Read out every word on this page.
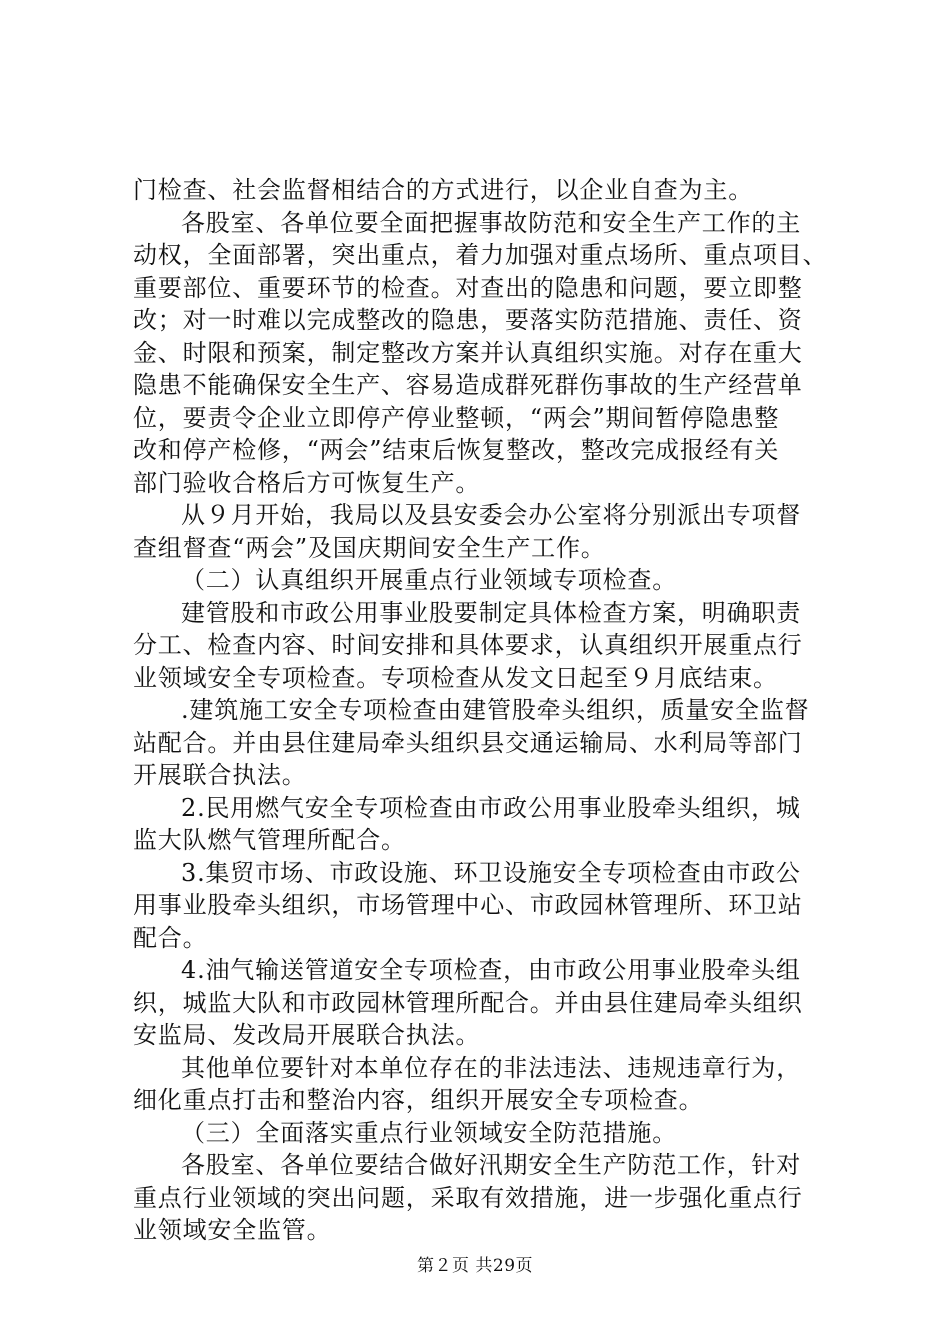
门检查、社会监督相结合的方式进行，以企业自查为主。
各股室、各单位要全面把握事故防范和安全生产工作的主
动权，全面部署，突出重点，着力加强对重点场所、重点项目、
重要部位、重要环节的检查。对查出的隐患和问题，要立即整
改；对一时难以完成整改的隐患，要落实防范措施、责任、资
金、时限和预案，制定整改方案并认真组织实施。对存在重大
隐患不能确保安全生产、容易造成群死群伤事故的生产经营单
位，要责令企业立即停产停业整顿，“两会”期间暂停隐患整
改和停产检修，“两会”结束后恢复整改，整改完成报经有关
部门验收合格后方可恢复生产。
从９月开始，我局以及县安委会办公室将分别派出专项督
查组督查“两会”及国庆期间安全生产工作。
（二）认真组织开展重点行业领域专项检查。
建管股和市政公用事业股要制定具体检查方案，明确职责
分工、检查内容、时间安排和具体要求，认真组织开展重点行
业领域安全专项检查。专项检查从发文日起至９月底结束。
.建筑施工安全专项检查由建管股牵头组织，质量安全监督
站配合。并由县住建局牵头组织县交通运输局、水利局等部门
开展联合执法。
2.民用燃气安全专项检查由市政公用事业股牵头组织，城
监大队燃气管理所配合。
3.集贸市场、市政设施、环卫设施安全专项检查由市政公
用事业股牵头组织，市场管理中心、市政园林管理所、环卫站
配合。
4.油气输送管道安全专项检查，由市政公用事业股牵头组
织，城监大队和市政园林管理所配合。并由县住建局牵头组织
安监局、发改局开展联合执法。
其他单位要针对本单位存在的非法违法、违规违章行为，
细化重点打击和整治内容，组织开展安全专项检查。
（三）全面落实重点行业领域安全防范措施。
各股室、各单位要结合做好汛期安全生产防范工作，针对
重点行业领域的突出问题，采取有效措施，进一步强化重点行
业领域安全监管。
第２页 共29页
